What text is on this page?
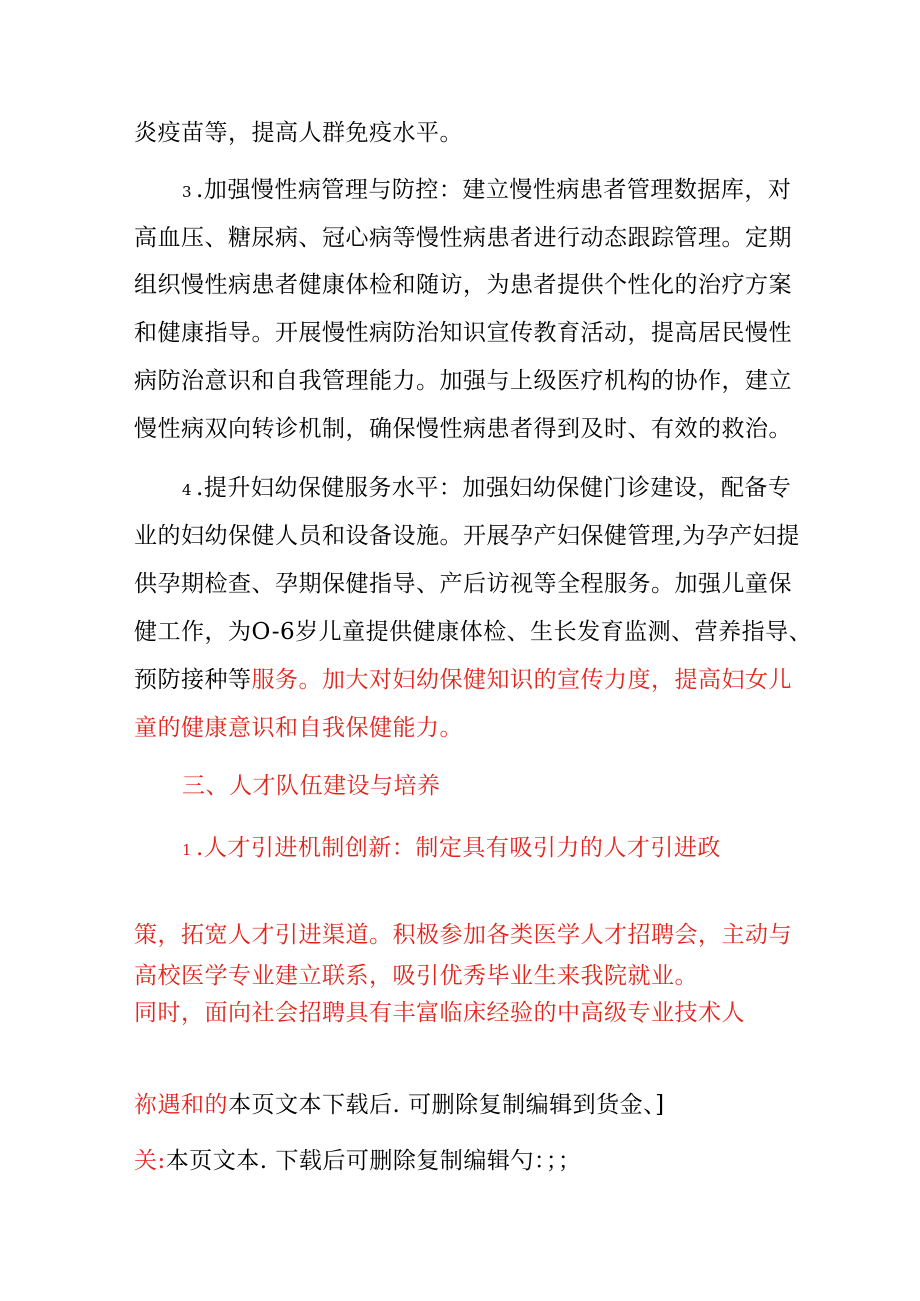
炎疫苗等，提高人群免疫水平。
3 .加强慢性病管理与防控：建立慢性病患者管理数据库，对
高血压、糖尿病、冠心病等慢性病患者进行动态跟踪管理。定期
组织慢性病患者健康体检和随访，为患者提供个性化的治疗方案
和健康指导。开展慢性病防治知识宣传教育活动，提高居民慢性
病防治意识和自我管理能力。加强与上级医疗机构的协作，建立
慢性病双向转诊机制，确保慢性病患者得到及时、有效的救治。
4 .提升妇幼保健服务水平：加强妇幼保健门诊建设，配备专
业的妇幼保健人员和设备设施。开展孕产妇保健管理,为孕产妇提
供孕期检查、孕期保健指导、产后访视等全程服务。加强儿童保
健工作，为O-6岁儿童提供健康体检、生长发育监测、营养指导、
预防接种等服务。加大对妇幼保健知识的宣传力度，提高妇女儿
童的健康意识和自我保健能力。
三、人才队伍建设与培养
1 .人才引进机制创新：制定具有吸引力的人才引进政
策，拓宽人才引进渠道。积极参加各类医学人才招聘会，主动与
高校医学专业建立联系，吸引优秀毕业生来我院就业。
同时，面向社会招聘具有丰富临床经验的中高级专业技术人
祢遇和的本页文本下载后. 可删除复制编辑到货金、]
关:本页文本. 下载后可删除复制编辑勺：；；
